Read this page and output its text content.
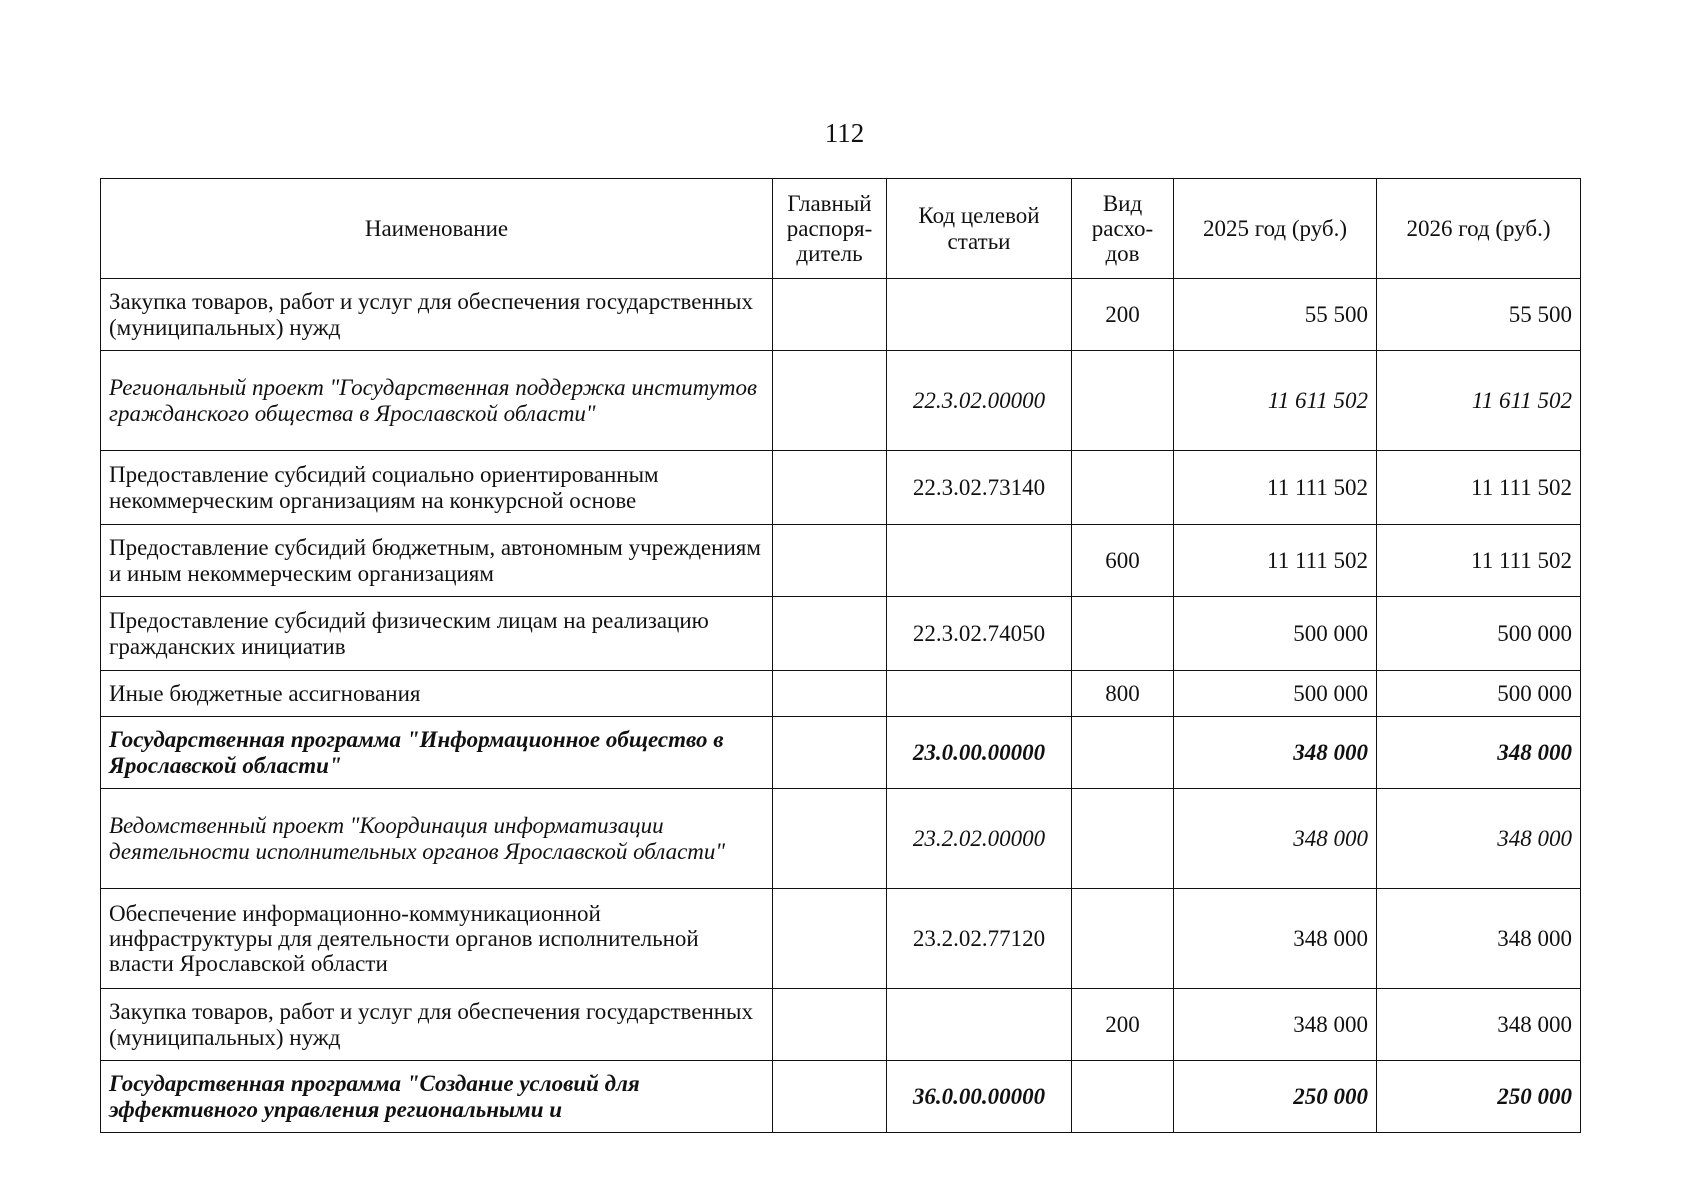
112
Наименование	Главный распоря-дитель	Код целевой статьи	Вид расхо-дов	2025 год (руб.)	2026 год (руб.)
Закупка товаров, работ и услуг для обеспечения государственных (муниципальных) нужд			200	55 500	55 500
Региональный проект "Государственная поддержка институтов гражданского общества в Ярославской области"		22.3.02.00000		11 611 502	11 611 502
Предоставление субсидий социально ориентированным некоммерческим организациям на конкурсной основе		22.3.02.73140		11 111 502	11 111 502
Предоставление субсидий бюджетным, автономным учреждениям и иным некоммерческим организациям			600	11 111 502	11 111 502
Предоставление субсидий физическим лицам на реализацию гражданских инициатив		22.3.02.74050		500 000	500 000
Иные бюджетные ассигнования			800	500 000	500 000
Государственная программа "Информационное общество в Ярославской области"		23.0.00.00000		348 000	348 000
Ведомственный проект "Координация информатизации деятельности исполнительных органов Ярославской области"		23.2.02.00000		348 000	348 000
Обеспечение информационно-коммуникационной инфраструктуры для деятельности органов исполнительной власти Ярославской области		23.2.02.77120		348 000	348 000
Закупка товаров, работ и услуг для обеспечения государственных (муниципальных) нужд			200	348 000	348 000
Государственная программа "Создание условий для эффективного управления региональными и		36.0.00.00000		250 000	250 000
